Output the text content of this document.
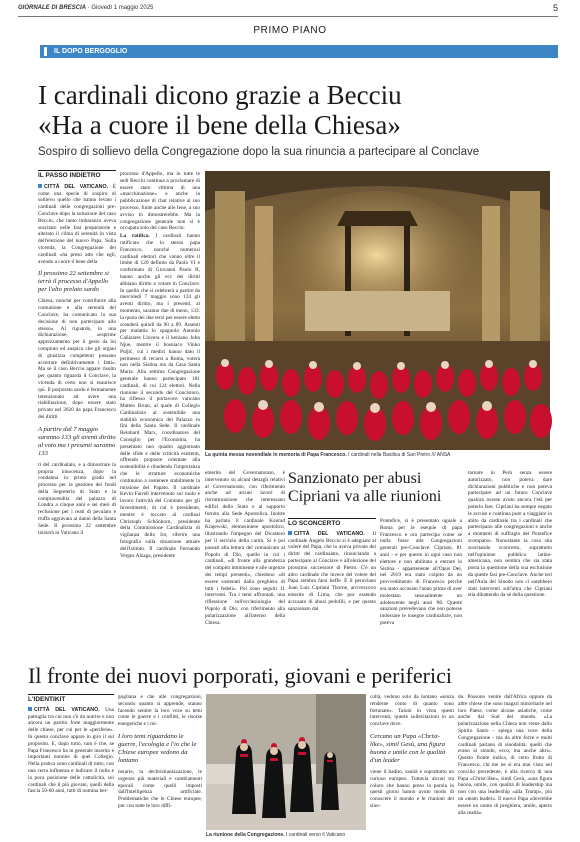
GIORNALE DI BRESCIA · Giovedì 1 maggio 2025	5
PRIMO PIANO
IL DOPO BERGOGLIO
I cardinali dicono grazie a Becciu
«Ha a cuore il bene della Chiesa»
Sospiro di sollievo della Congregazione dopo la sua rinuncia a partecipare al Conclave
IL PASSO INDIETRO

CITTÀ DEL VATICANO. È come una specie di sospiro di sollievo quello che hanno levato i cardinali delle congregazioni pre-Conclave dopo la soluzione del caso Becciu, che tanto imbarazzo aveva suscitato nelle fasi preparatorie e alterato il clima di serenità in vista dell'elezione del nuovo Papa. Sulla vicenda, la Congregazione dei cardinali «ha preso atto che egli, avendo a cuore il bene della

Il prossimo 22 settembre si terrà il processo d'Appello per l'alto prelato sardo

Chiesa, nonché per contribuire alla comunione e alla serenità del Conclave, ha comunicato la sua decisione di non partecipare allo stesso». Al riguardo, in una dichiarazione, «esprime apprezzamento per il gesto da lui compiuto ed auspica che gli organi di giustizia competenti possano accertare definitivamente i fatti». Ma se il caso Becciu appare risolto per quanto riguarda il Conclave, la vicenda di certo non si esaurisce qui. Il porporato sardo è fermamente intenzionato ad avere una riabilitazione, dopo essere stato privato nel 2020 da papa Francesco dei diritti

A partire dal 7 maggio saranno 133 gli aventi diritto al voto ma i presenti saranno 133

ti del cardinalato, e a dimostrare la propria innocenza, dopo la condanna in primo grado nel processo per la gestione dei fondi della Segreteria di Stato e la compravendita del palazzo di Londra a cinque anni e sei mesi di reclusione per i reati di peculato e truffa aggravata ai danni della Santa Sede. Il prossimo 22 settembre inizierà in Vaticano il

processo d'Appello, ma in tutte le sedi Becciu continua a proclamare di essere stato vittima di una «macchinazione» e anche la pubblicazione di chat relative al suo processo, finite anche alle Iene, a suo avviso lo dimostrerebbe. Ma la congregazione generale non si è occupata solo del caso Becciu.

La ratifica. I cardinali hanno ratificato che lo stesso papa Francesco, nonché numerosi cardinali elettori che vanno oltre il limite di 120 definito da Paolo VI e confermato di Giovanni Paolo II, hanno anche gli ecc dei diritti abbiano diritto a votare in Conclave. In quello che si celebrerà a partire da mercoledì 7 maggio sono 133 gli aventi diritto, ma i presenti, al momento, saranno due di meno, 133: la quota dei due terzi per essere eletto scenderà quindi da 90 a 89. Assenti per malattia lo spagnolo Antonio Cañizares Llovera e il keniano John Njue, mentre il bosniaco Vinko Puljić, cui i medici hanno dato il permesso di recarsi a Roma, voterà non nella Sistina ma da Casa Santa Marta. Alla settima Congregazione generale hanno partecipato 181 cardinali, di cui 124 elettori. Nella riunione il secondo del Concistoro, ha riflesso il portavoce vaticano Matteo Bruni, al quale di Collegio Cardinalizio al sostenibile una stabilità economica del Palazzo in fini della Santa Sede. Il cardinale Reinhard Marx, coordinatore del Consiglio per l'Economia, ha presentato uno quadro aggiornato delle sfide e delle criticità esistenti, offrendo proposte orientate alla sostenibilità e ribadendo l'importanza che le strutture economiche continuino a sostenere stabilmente la missione del Papato. Il cardinale Kevin Farrell intervenuto sul ruolo e lavoro l'attività del Comitato per gli Investimenti, di cui è presidente, mentre è toccato al cardinal Christoph Schönborn, presidente della Commissione Cardinalizia di vigilanza dello Ior, riferire una fotografia sulla situazione attuale dell'Istituto. Il cardinale Fernando Vergez Alzaga, presidente

La quinta messa novendiale in memoria di Papa Francesco. I cardinali nella Basilica di San Pietro /// ANSA
Sanzionato per abusi Cipriani va alle riunioni

emerito del Governatorato, è intervenuto su alcuni dettagli relativi al Governatorato, con riferimento anche ad alcuni lavori di ristrutturazione che interessano edifici dello Stato e al supporto fornito alla Sede Apostolica. Inoltre ha parlato il cardinale Konrad Krajewski, elemosiniere apostolico, illustrando l'impegno del Dicastero per il servizio della carità. Si è poi passati alla lettura del comunicato al Popolo di Dio, quello in cui i cardinali, «di fronte alla grandezza del compito imminente e alle urgenze dei tempi presenti», chiedono «di essere sostenuti dalla preghiera di tutti i fedeli». Poi sono seguiti 11 interventi. Tra i temi affrontati, una riflessione sull'ecclesiologia del Popolo di Dio, con riferimento alla polarizzazione all'interno della Chiesa.

LO SCONCERTO

CITTÀ DEL VATICANO. Il cardinale Angelo Becciu si è adeguato al volere del Papa, che lo aveva privato dei diritti del cardinalato, rinunciando a partecipare al Conclave e all'elezione del prossimo successore di Pietro. C'è un altro cardinale che invece del volere del Papa sembra farsi beffe. È il peruviano Juan Luis Cipriani Thorne, arcivescovo emerito di Lima, che pur essendo accusato di abusi pedofili, e per questo sanzionato dal

Pontefice, si è presentato uguale a Roma per le esequie di papa Francesco e ora partecipa come se nulla fosse alle Congregazioni generali pre-Conclave. Cipriani, 81 anni - e per questo in ogni caso non elettore e non abilitato a entrare in Sistina - appartenente all'Opus Dei, nel 2019 era stato colpito da un provvedimento di Francesco perché era stato accusato l'anno prima di aver molestato sessualmente un adolescente negli anni '80. Queste sanzioni prevedevano che non potesse indossare le insegne cardinalizie, non poteva

tornare in Perù senza essere autorizzato, non poteva dare dichiarazioni pubbliche e non poteva partecipare ad un futuro Conclave qualora avesse avuto ancora l'età per poterlo fare. Cipriani ha sempre negato le accuse e continua pure a viaggiare in abito da cardinale tra i cardinali che partecipano alle congregazioni e anche a momenti di suffragio del Pontefice scomparso. Nonostante la cosa stia suscitando sconcerto, soprattutto nell'opinione pubblica latino-americana, non sembra che sia stata posta la questione della sua esclusione da queste fasi pre-Conclave. Anche ieri nell'Aula del Sinodo non ci sarebbero stati interventi sull'altra che Cipriani stia dibattendo da sé della questione.

Il fronte dei nuovi porporati, giovani e periferici
L'IDENTIKIT

CITTÀ DEL VATICANO. Una pattuglia tra cui non c'è da nutrire e non ancora un partito forte maggiormente delle chiese, per cui per le «periferie». In questo conclave appare in giro il sul proposito. E, dopo tutto, non è che, se Papa Francesco ha in generale inserito e importanti nomine di quel Collegio. Nella pratica sono cardinali di tutto, con una certa influenza e indicare il nulla e la poca posizione delle cattolicità, sui cardinali che il più giovani, quelli della fascia 50-60 anni, tutti di nomina ber-

gogliana e che alle congregazioni, secondo quanto si apprende, stanno facendo sentire la loro voce su temi come le guerre e i conflitti, le risorse energetiche e i mi-

I loro temi riguardano le guerre, l'ecologia e l'io che le Chiese europee vedono da lontano

nerarie, la dechristianizzazione, le urgenze più materiali e cambiamenti epocali come quelli imposti dall'Intelligenza artificiale. Problematiche che le Chiese europee, pur con tutte le loro diffi-

La riunione della Congregazione. I cardinali verso il Vaticano

coltà, vedono solo da lontano «senza renderne conto di quanto sono fortunate». Taluni in vista questi interventi, queste sollecitazioni in un conclave dove.

Cercano un Papa «Christ-like», simil Gesù, una figura buona e umile con le qualità d'un leader

viene il badito, sanità e soprattutto un curioso europeo. Tuttavia alcuni tra coloro che hanno preso la parola in questi giorni hanno avuto modo di conoscere il mondo e le riunioni del sino-

do. Possono venire dall'Africa oppure da altre chiese che sono magari minoritarie nel loro Paese, come alcune asiatiche, come anche dal Sud del mondo. «La polarizzazione nella Chiesa non viene dallo Spirito Santo - spiega una voce della Congregazione - ma da altre forze e molti cardinali parlano di sinodalità: quelli che erano al sinodo, ecco, ma anche altri». Questo fronte indica, di certo frutto di Francesco, chi me ne si era mai visto nel concilio precedente, è alla ricerca di una Papa «Christ-like», simil Gesù, «una figura buona, umile, con qualità di leadership ma non con una leadership «alla Trump», più un «team leader». Il nuovo Papa «dovrebbe essere un uomo di preghiera, umile, aperto alla realtà».
